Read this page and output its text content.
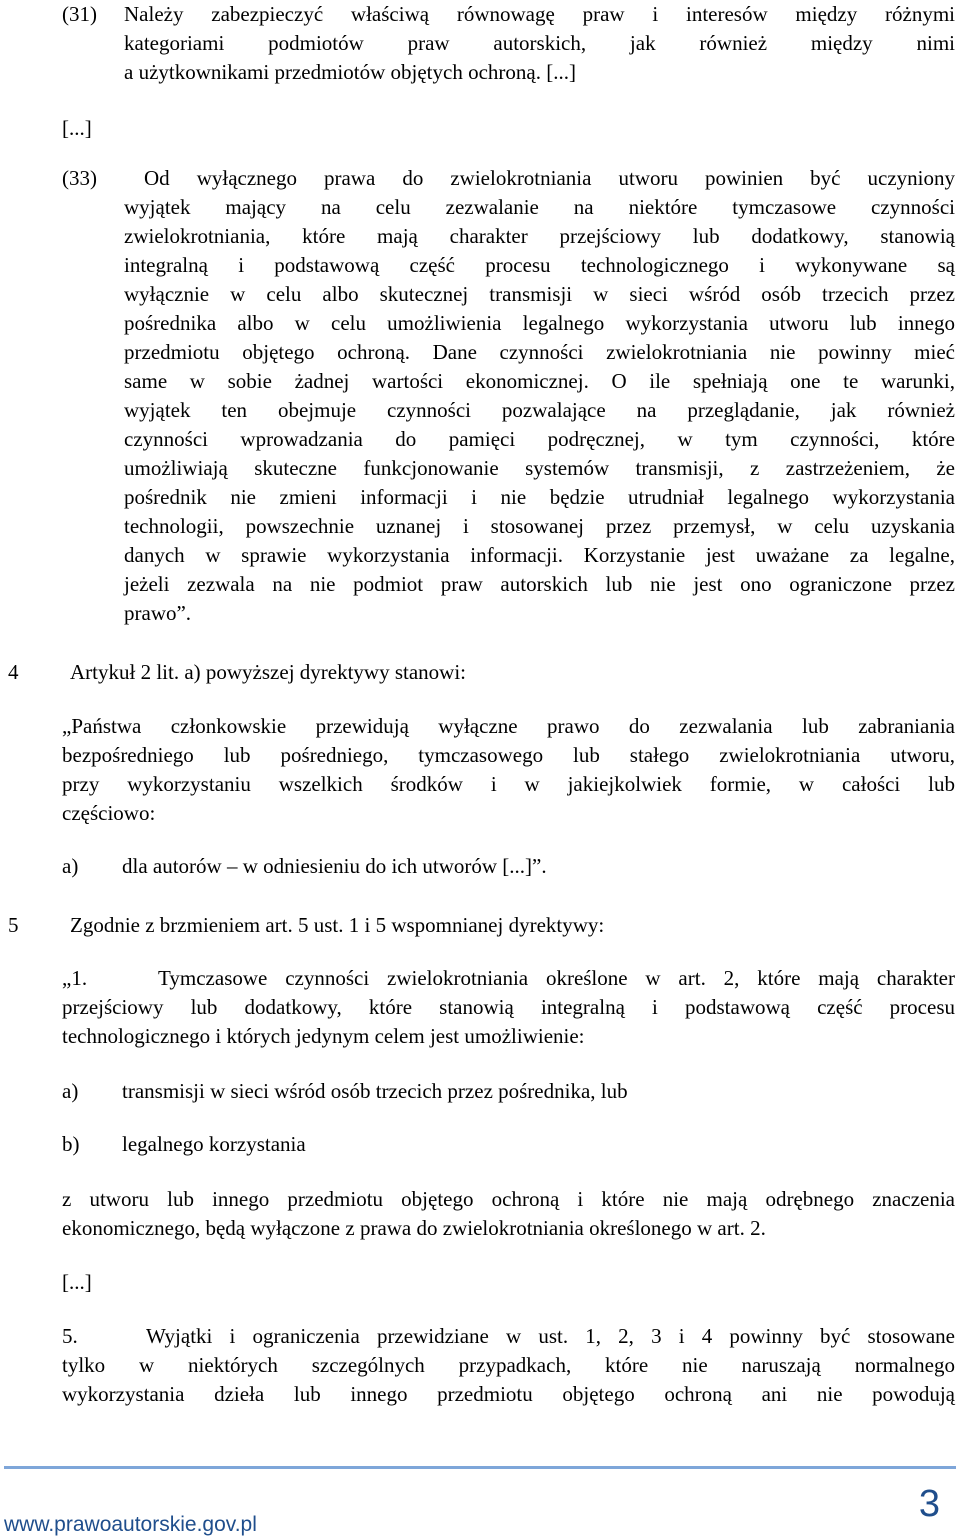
(31) Należy zabezpieczyć właściwą równowagę praw i interesów między różnymi
kategoriami podmiotów praw autorskich, jak również między nimi
a użytkownikami przedmiotów objętych ochroną. [...]
[...]
(33) Od wyłącznego prawa do zwielokrotniania utworu powinien być uczyniony
wyjątek mający na celu zezwalanie na niektóre tymczasowe czynności
zwielokrotniania, które mają charakter przejściowy lub dodatkowy, stanowią
integralną i podstawową część procesu technologicznego i wykonywane są
wyłącznie w celu albo skutecznej transmisji w sieci wśród osób trzecich przez
pośrednika albo w celu umożliwienia legalnego wykorzystania utworu lub innego
przedmiotu objętego ochroną. Dane czynności zwielokrotniania nie powinny mieć
same w sobie żadnej wartości ekonomicznej. O ile spełniają one te warunki,
wyjątek ten obejmuje czynności pozwalające na przeglądanie, jak również
czynności wprowadzania do pamięci podręcznej, w tym czynności, które
umożliwiają skuteczne funkcjonowanie systemów transmisji, z zastrzeżeniem, że
pośrednik nie zmieni informacji i nie będzie utrudniał legalnego wykorzystania
technologii, powszechnie uznanej i stosowanej przez przemysł, w celu uzyskania
danych w sprawie wykorzystania informacji. Korzystanie jest uważane za legalne,
jeżeli zezwala na nie podmiot praw autorskich lub nie jest ono ograniczone przez
prawo”.
4 Artykuł 2 lit. a) powyższej dyrektywy stanowi:
„Państwa członkowskie przewidują wyłączne prawo do zezwalania lub zabraniania
bezpośredniego lub pośredniego, tymczasowego lub stałego zwielokrotniania utworu,
przy wykorzystaniu wszelkich środków i w jakiejkolwiek formie, w całości lub
częściowo:
a) dla autorów – w odniesieniu do ich utworów [...]”.
5 Zgodnie z brzmieniem art. 5 ust. 1 i 5 wspomnianej dyrektywy:
„1.    Tymczasowe czynności zwielokrotniania określone w art. 2, które mają charakter
przejściowy lub dodatkowy, które stanowią integralną i podstawową część procesu
technologicznego i których jedynym celem jest umożliwienie:
a) transmisji w sieci wśród osób trzecich przez pośrednika, lub
b) legalnego korzystania
z utworu lub innego przedmiotu objętego ochroną i które nie mają odrębnego znaczenia
ekonomicznego, będą wyłączone z prawa do zwielokrotniania określonego w art. 2.
[...]
5.    Wyjątki i ograniczenia przewidziane w ust. 1, 2, 3 i 4 powinny być stosowane
tylko w niektórych szczególnych przypadkach, które nie naruszają normalnego
wykorzystania dzieła lub innego przedmiotu objętego ochroną ani nie powodują
www.prawoautorskie.gov.pl	3
